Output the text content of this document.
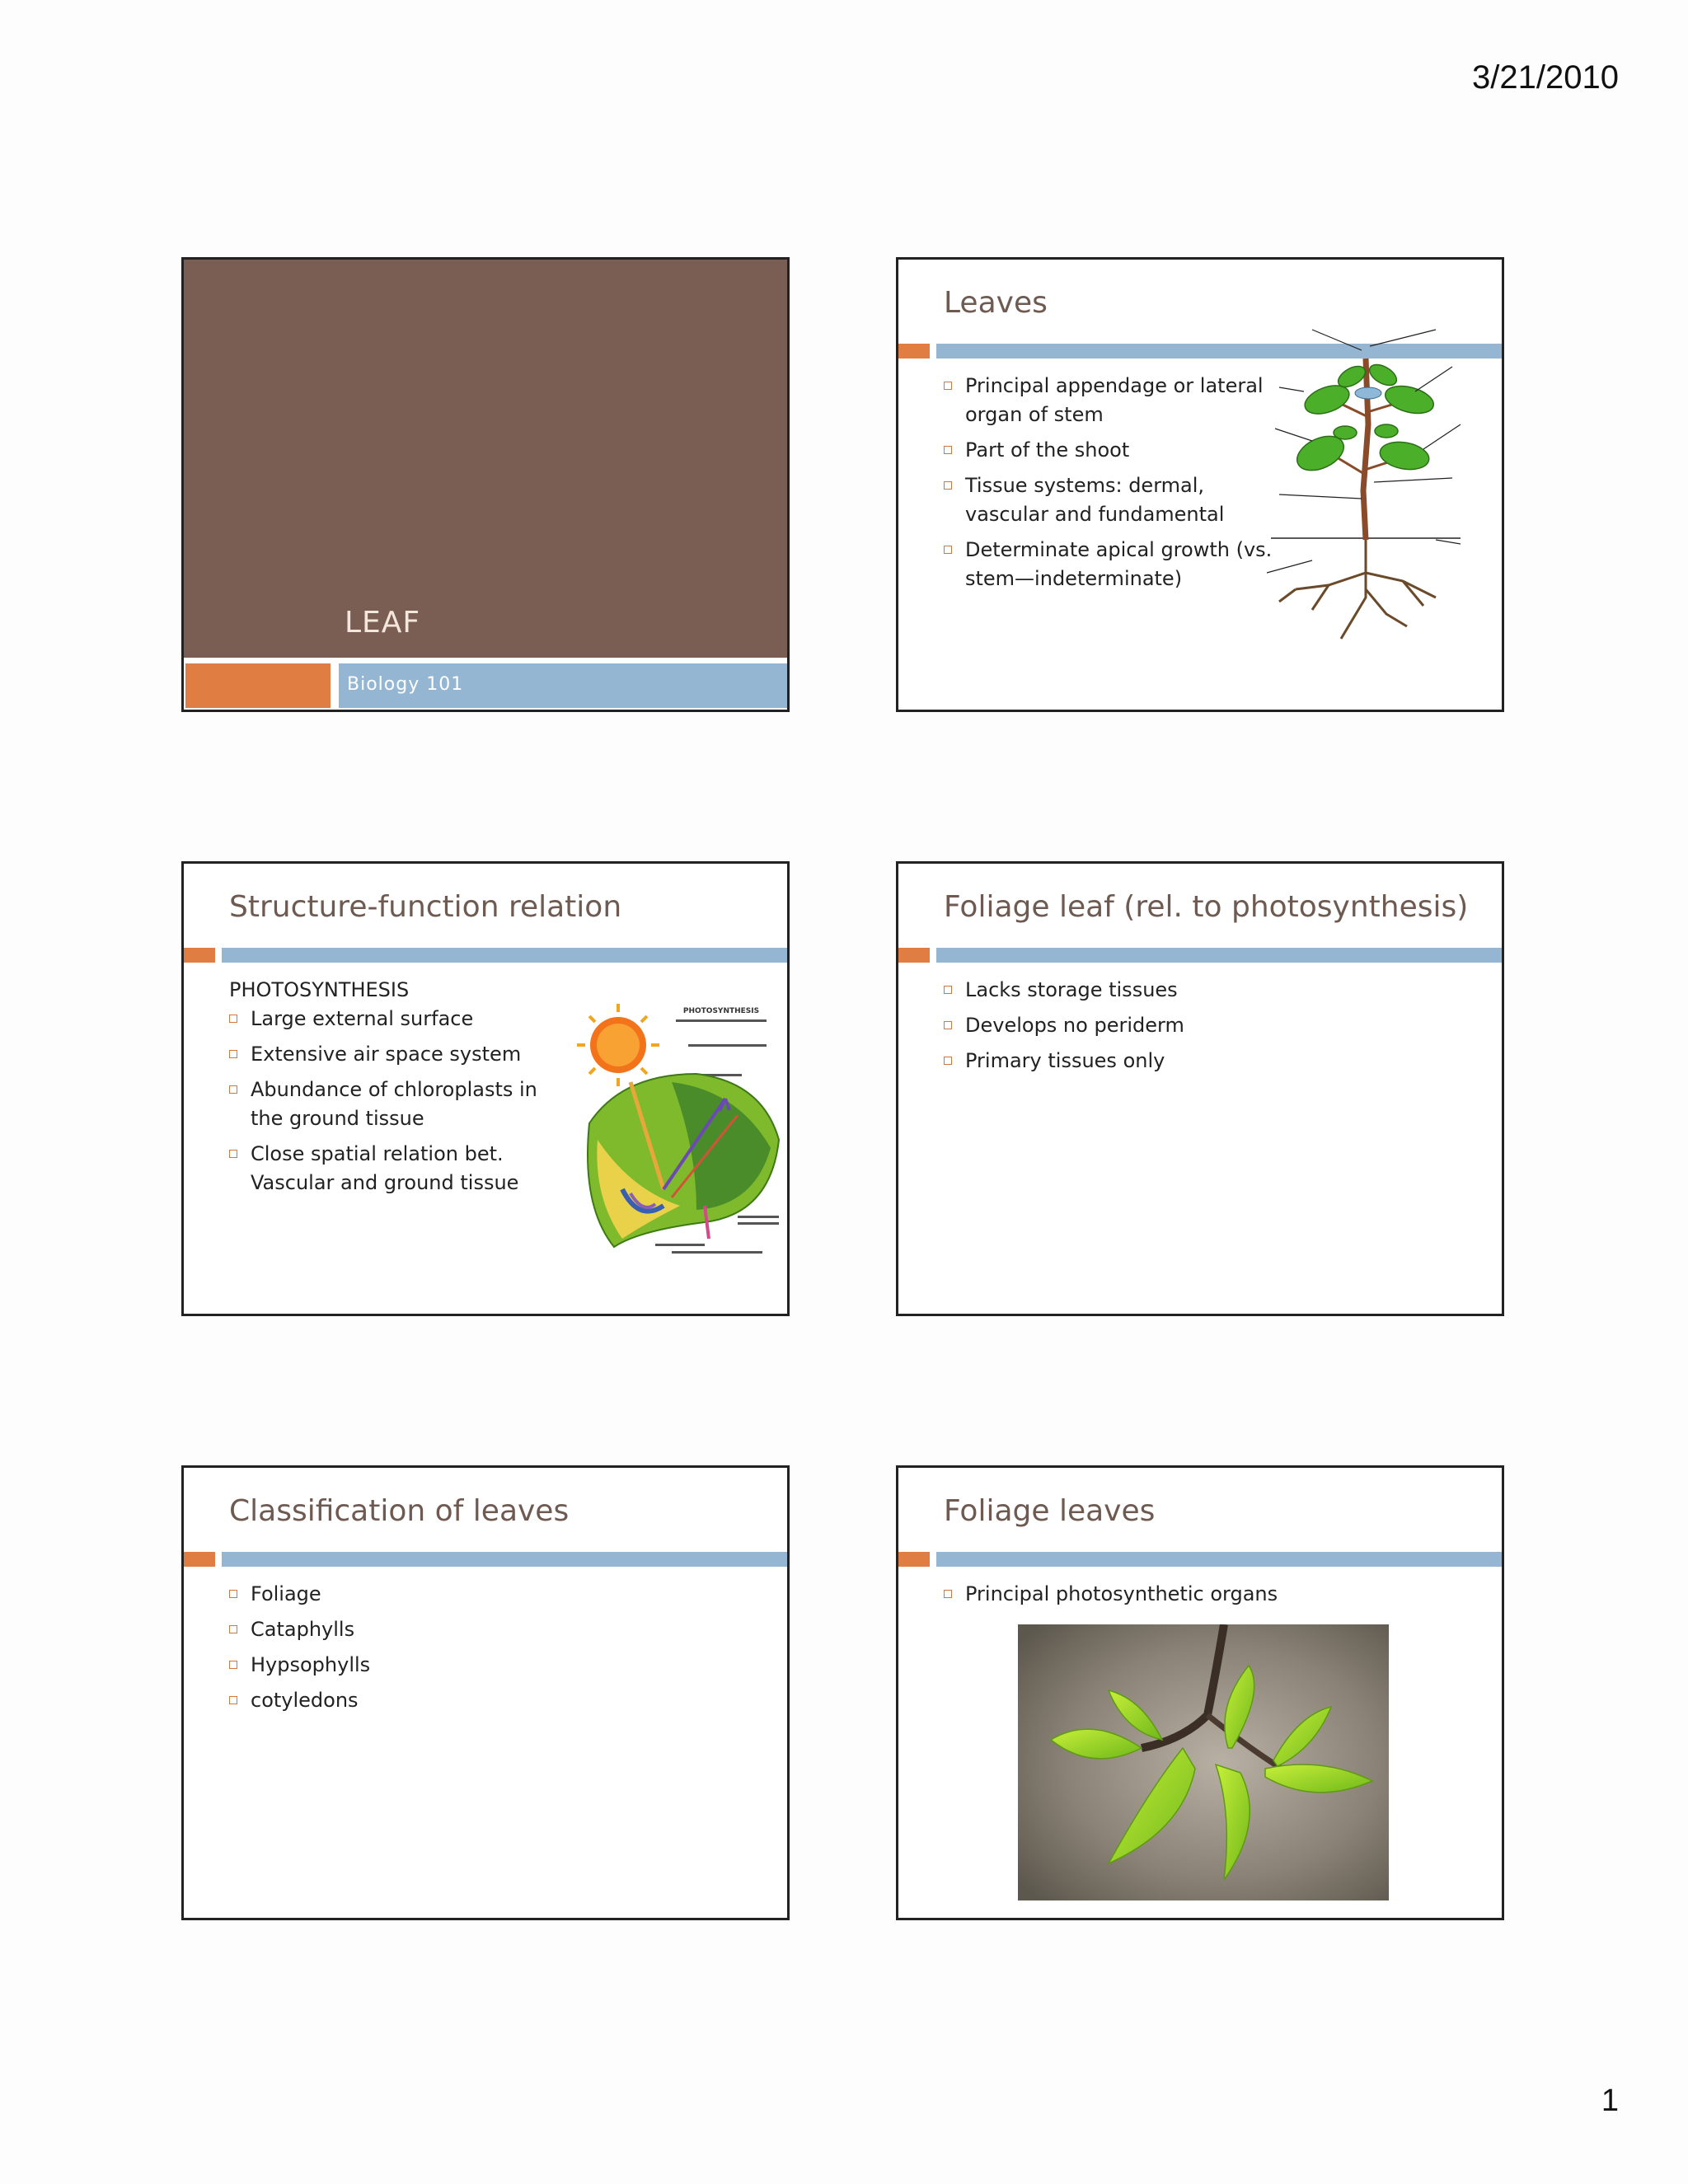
3/21/2010
LEAF
Biology 101
Leaves
Principal appendage or lateral organ of stem
Part of the shoot
Tissue systems: dermal, vascular and fundamental
Determinate apical growth (vs. stem—indeterminate)
Structure-function relation
PHOTOSYNTHESIS

PHOTOSYNTHESIS

Large external surface
Extensive air space system
Abundance of chloroplasts in the ground tissue
Close spatial relation bet. Vascular and ground tissue
Foliage leaf (rel. to photosynthesis)
Lacks storage tissues
Develops no periderm
Primary tissues only
Classification of leaves
Foliage
Cataphylls
Hypsophylls
cotyledons
Foliage leaves
Principal photosynthetic organs
1
